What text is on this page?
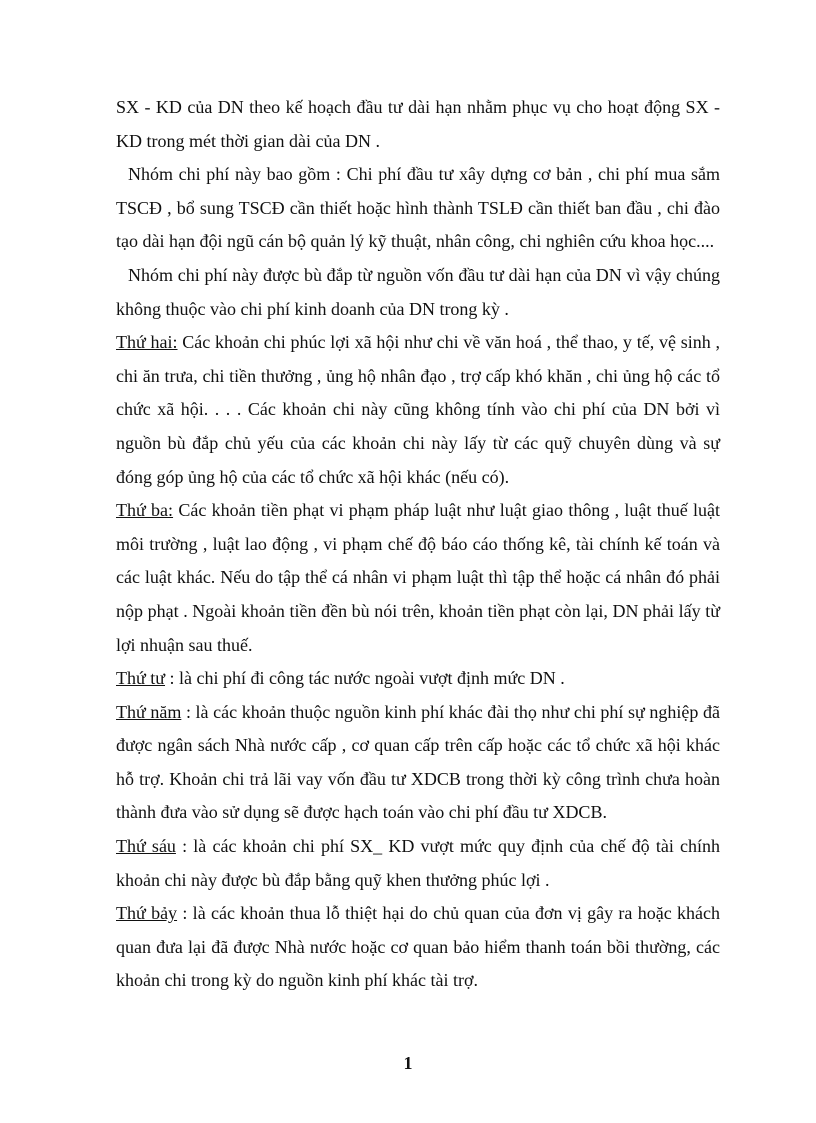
SX - KD của DN theo kế hoạch đầu tư dài hạn nhằm phục vụ cho hoạt động SX - KD trong mét thời gian dài của DN .

Nhóm chi phí này bao gồm : Chi phí đầu tư xây dựng cơ bản , chi phí mua sắm TSCĐ , bổ sung TSCĐ cần thiết hoặc hình thành TSLĐ cần thiết ban đầu , chi đào tạo dài hạn đội ngũ cán bộ quản lý kỹ thuật, nhân công, chi nghiên cứu khoa học....

Nhóm chi phí này được bù đắp từ nguồn vốn đầu tư dài hạn của DN vì vậy chúng không thuộc vào chi phí kinh doanh của DN trong kỳ .

Thứ hai: Các khoản chi phúc lợi xã hội như chi về văn hoá , thể thao, y tế, vệ sinh , chi ăn trưa, chi tiền thưởng , ủng hộ nhân đạo , trợ cấp khó khăn , chi ủng hộ các tổ chức xã hội. . . . Các khoản chi này cũng không tính vào chi phí của DN bởi vì nguồn bù đắp chủ yếu của các khoản chi này lấy từ các quỹ chuyên dùng và sự đóng góp ủng hộ của các tổ chức xã hội khác (nếu có).

Thứ ba: Các khoản tiền phạt vi phạm pháp luật như luật giao thông , luật thuế luật môi trường , luật lao động , vi phạm chế độ báo cáo thống kê, tài chính kế toán và các luật khác. Nếu do tập thể cá nhân vi phạm luật thì tập thể hoặc cá nhân đó phải nộp phạt . Ngoài khoản tiền đền bù nói trên, khoản tiền phạt còn lại, DN phải lấy từ lợi nhuận sau thuế.

Thứ tư : là chi phí đi công tác nước ngoài vượt định mức DN .

Thứ năm : là các khoản thuộc nguồn kinh phí khác đài thọ như chi phí sự nghiệp đã được ngân sách Nhà nước cấp , cơ quan cấp trên cấp hoặc các tổ chức xã hội khác hỗ trợ. Khoản chi trả lãi vay vốn đầu tư XDCB trong thời kỳ công trình chưa hoàn thành đưa vào sử dụng sẽ được hạch toán vào chi phí đầu tư XDCB.

Thứ sáu : là các khoản chi phí SX_ KD vượt mức quy định của chế độ tài chính khoản chi này được bù đắp bằng quỹ khen thưởng phúc lợi .

Thứ bảy : là các khoản thua lỗ thiệt hại do chủ quan của đơn vị gây ra hoặc khách quan đưa lại đã được Nhà nước hoặc cơ quan bảo hiểm thanh toán bồi thường, các khoản chi trong kỳ do nguồn kinh phí khác tài trợ.

1
